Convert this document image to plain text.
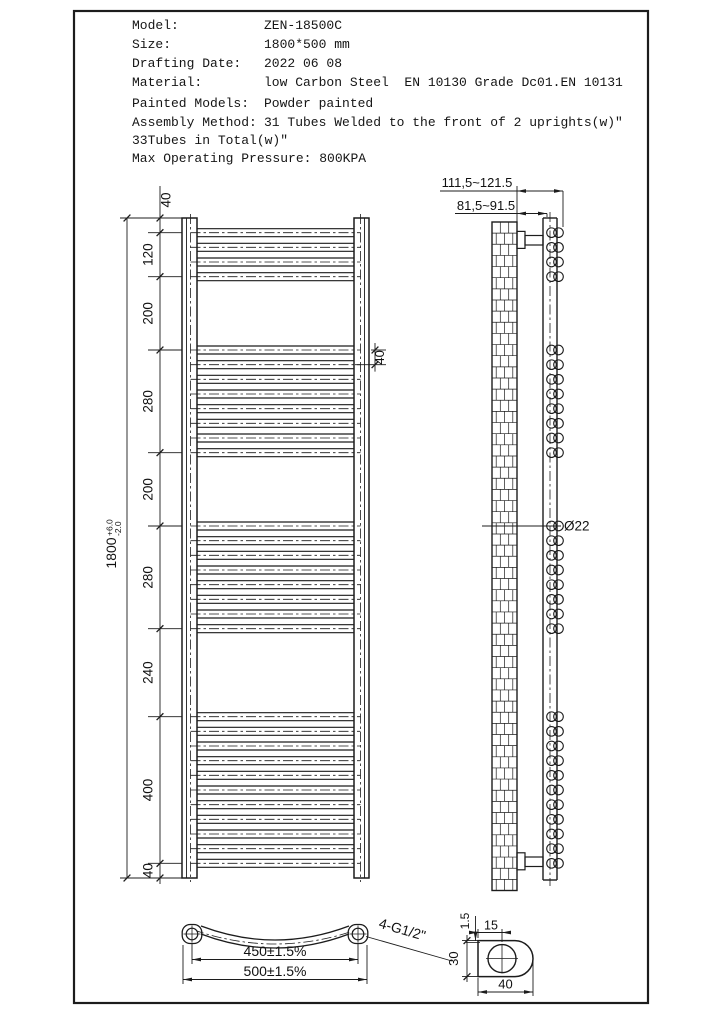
40
120
200
280
200
280
240
400
40
1800
+6.0
-2.0
40
111,5~121.5
81,5~91.5
Ø22
450±1.5%
500±1.5%
4-G1/2"
30
40
15
1.5
Model:	ZEN-18500C
Size:	1800*500 mm
Drafting Date: 2022 06 08
Material:	low Carbon Steel  EN 10130 Grade Dc01.EN 10131
Painted Models: Powder painted
Assembly Method: 31 Tubes Welded to the front of 2 uprights(w)"
33Tubes in Total(w)"
Max Operating Pressure: 800KPA
